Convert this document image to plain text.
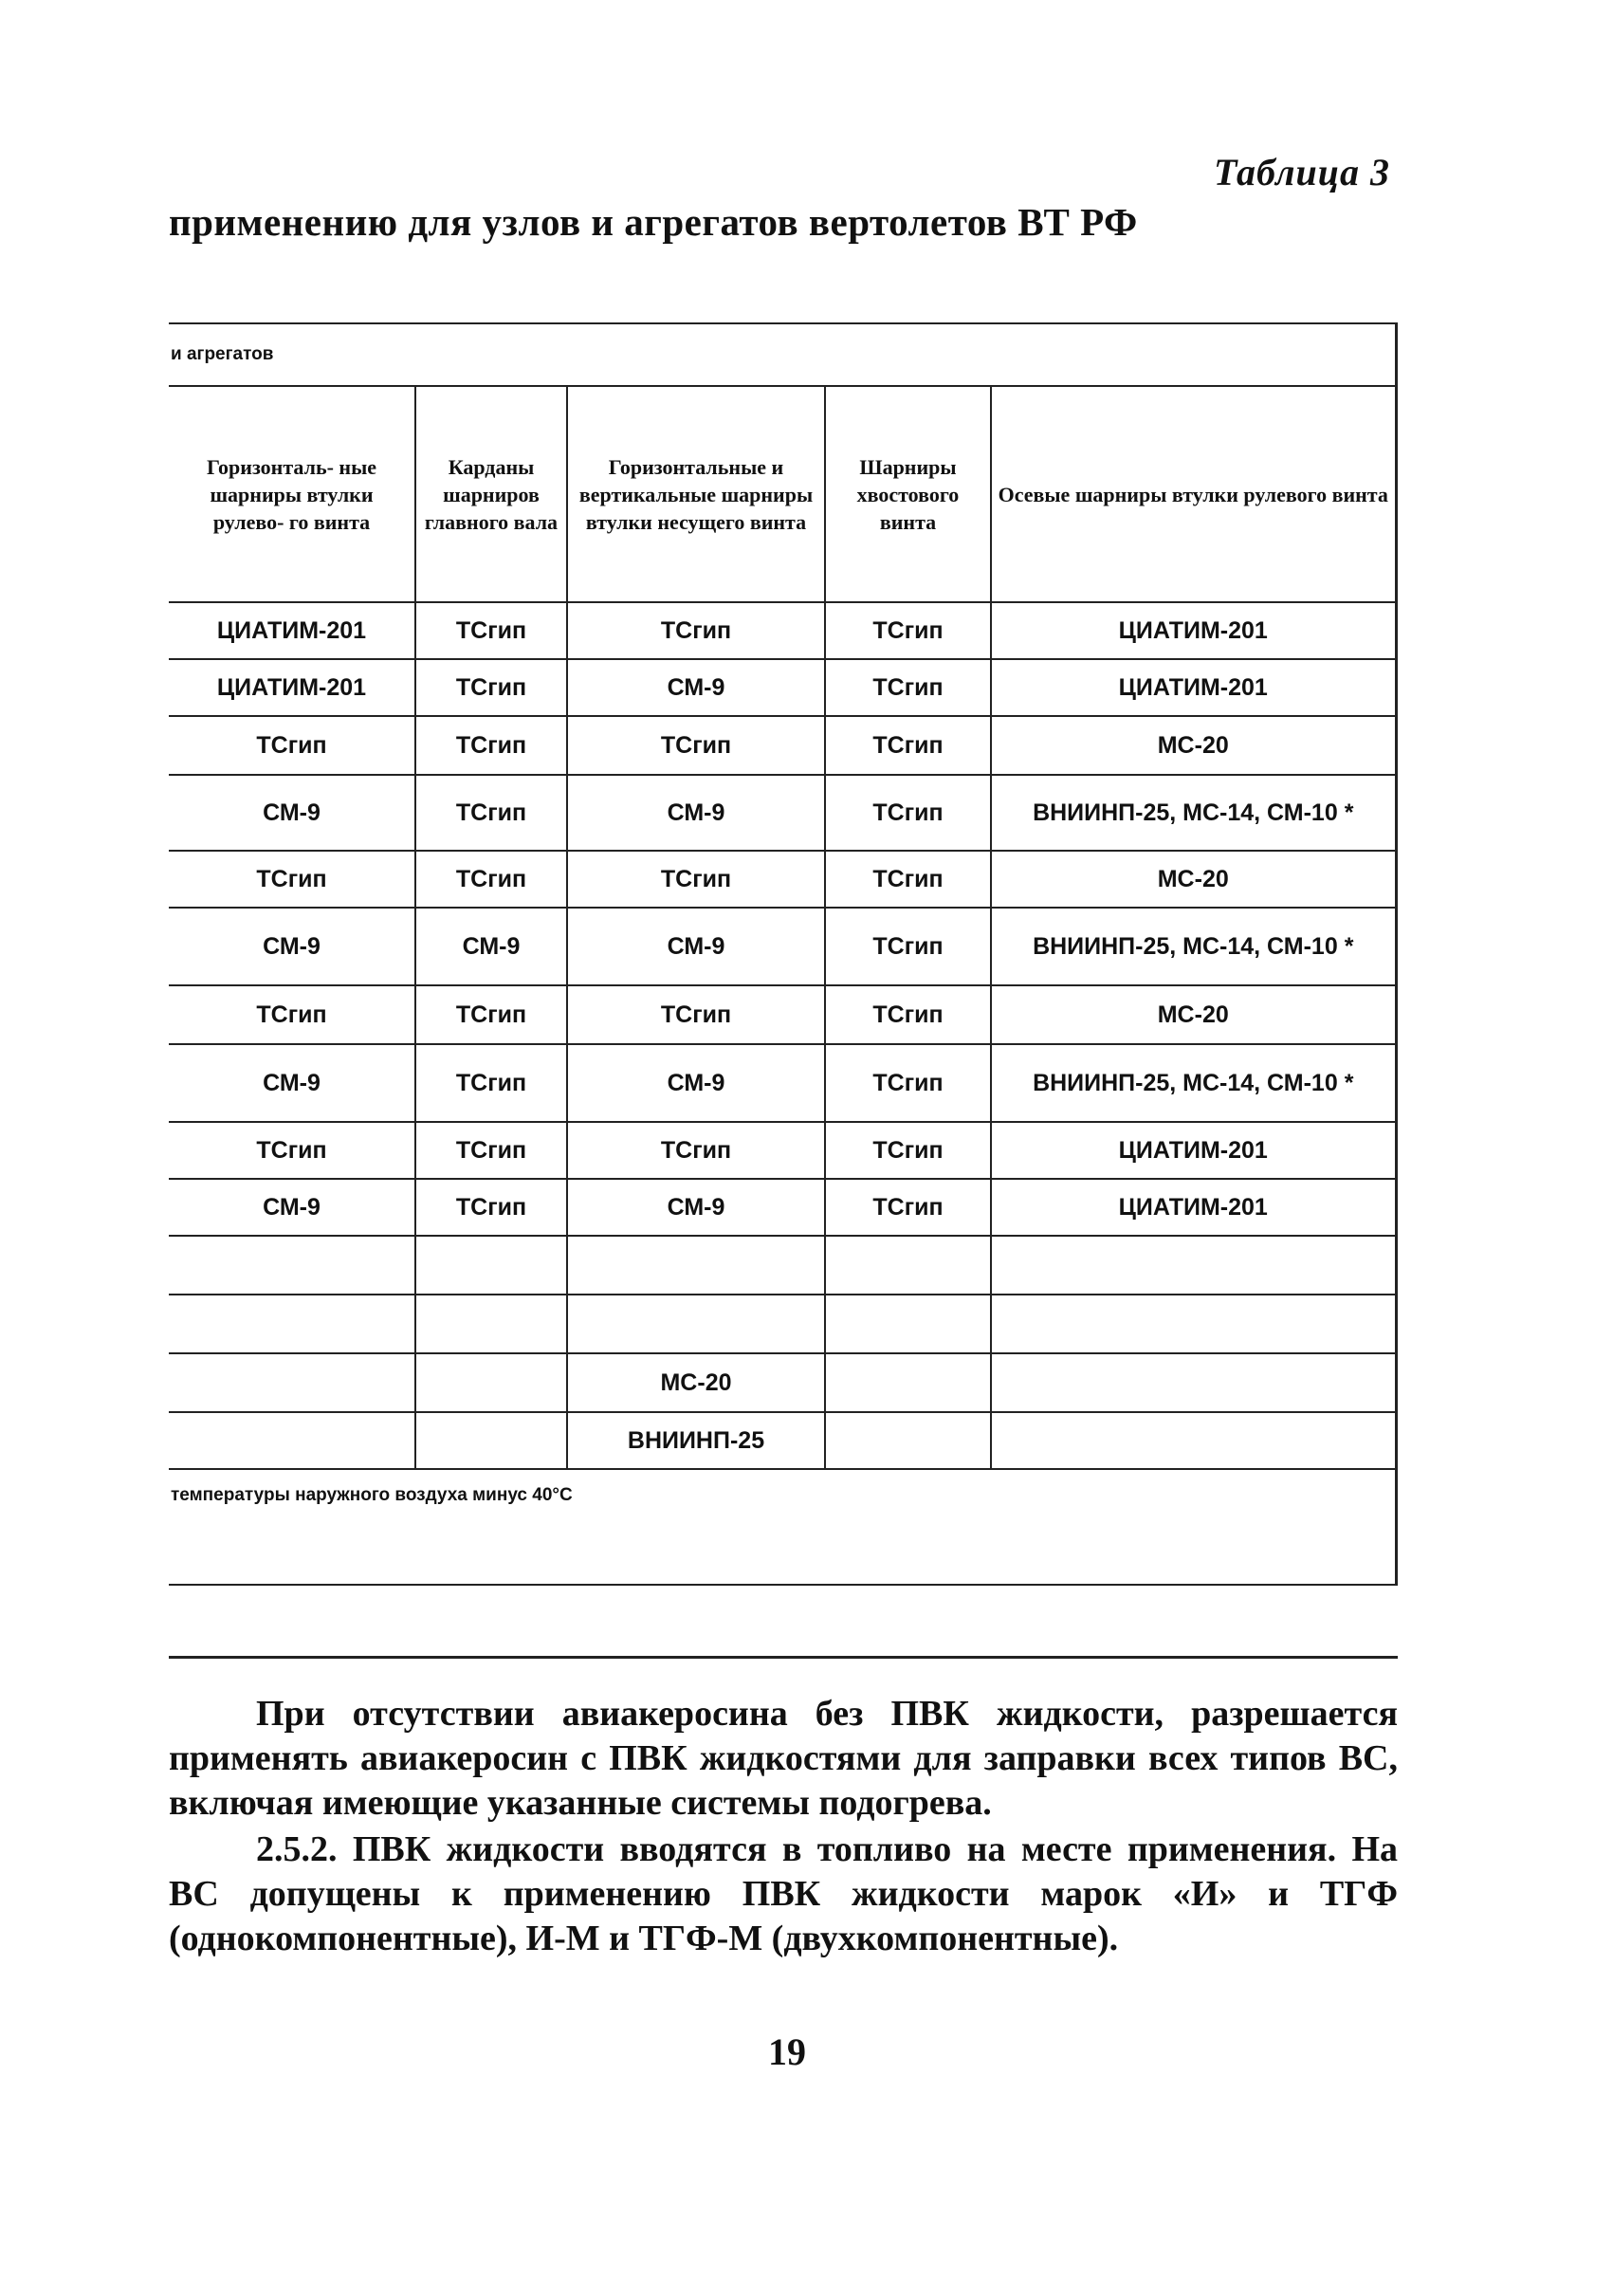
Таблица 3
применению для узлов и агрегатов вертолетов ВТ РФ
и агрегатов				
Горизонталь- ные шарниры втулки рулево- го винта	Карданы шарниров главного вала	Горизонтальные и вертикальные шарниры втулки несущего винта	Шарниры хвостового винта	Осевые шарниры втулки рулевого винта
ЦИАТИМ-201	ТСгип	ТСгип	ТСгип	ЦИАТИМ-201
ЦИАТИМ-201	ТСгип	СМ-9	ТСгип	ЦИАТИМ-201
ТСгип	ТСгип	ТСгип	ТСгип	МС-20
СМ-9	ТСгип	СМ-9	ТСгип	ВНИИНП-25, МС-14, СМ-10 *
ТСгип	ТСгип	ТСгип	ТСгип	МС-20
СМ-9	СМ-9	СМ-9	ТСгип	ВНИИНП-25, МС-14, СМ-10 *
ТСгип	ТСгип	ТСгип	ТСгип	МС-20
СМ-9	ТСгип	СМ-9	ТСгип	ВНИИНП-25, МС-14, СМ-10 *
ТСгип	ТСгип	ТСгип	ТСгип	ЦИАТИМ-201
СМ-9	ТСгип	СМ-9	ТСгип	ЦИАТИМ-201

		МС-20		
		ВНИИНП-25		
температуры наружного воздуха минус 40°С				
При отсутствии авиакеросина без ПВК жидкости, разрешается применять авиакеросин с ПВК жидкостями для заправки всех типов ВС, включая имеющие указанные системы подогрева.
2.5.2. ПВК жидкости вводятся в топливо на месте применения. На ВС допущены к применению ПВК жидкости марок «И» и ТГФ (однокомпонентные), И-М и ТГФ-М (двухкомпонентные).
19
